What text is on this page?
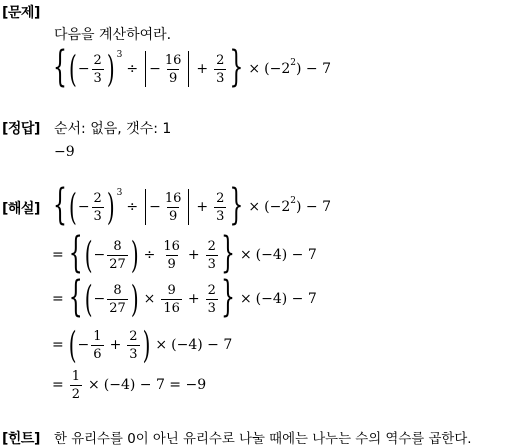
[문제]
다음을 계산하여라.
{ ( − $\frac{2}{3}$ ) 3
÷ − $\frac{16}{9} + \frac{2}{3}$ } × (−2 2 ) − 7
[정답] 순서: 없음, 갯수: 1
−9
[해설] { ( − $\frac{2}{3}$ ) 3
÷ − $\frac{16}{9} + \frac{2}{3}$ } × (−2 2 ) − 7
= { ( − $\frac{8}{27}$ ) ÷ $\frac{16}{9} + \frac{2}{3}$ } × (−4) − 7
= { ( − $\frac{8}{27}$ ) × $\frac{9}{16} + \frac{2}{3}$ } × (−4) − 7
= ( − $\frac{1}{6} + \frac{2}{3}$ ) × (−4) − 7
= $\frac{1}{2} \times (-4) - 7 = -9$
[힌트] 한 유리수를 0이 아닌 유리수로 나눌 때에는 나누는 수의 역수를 곱한다.
